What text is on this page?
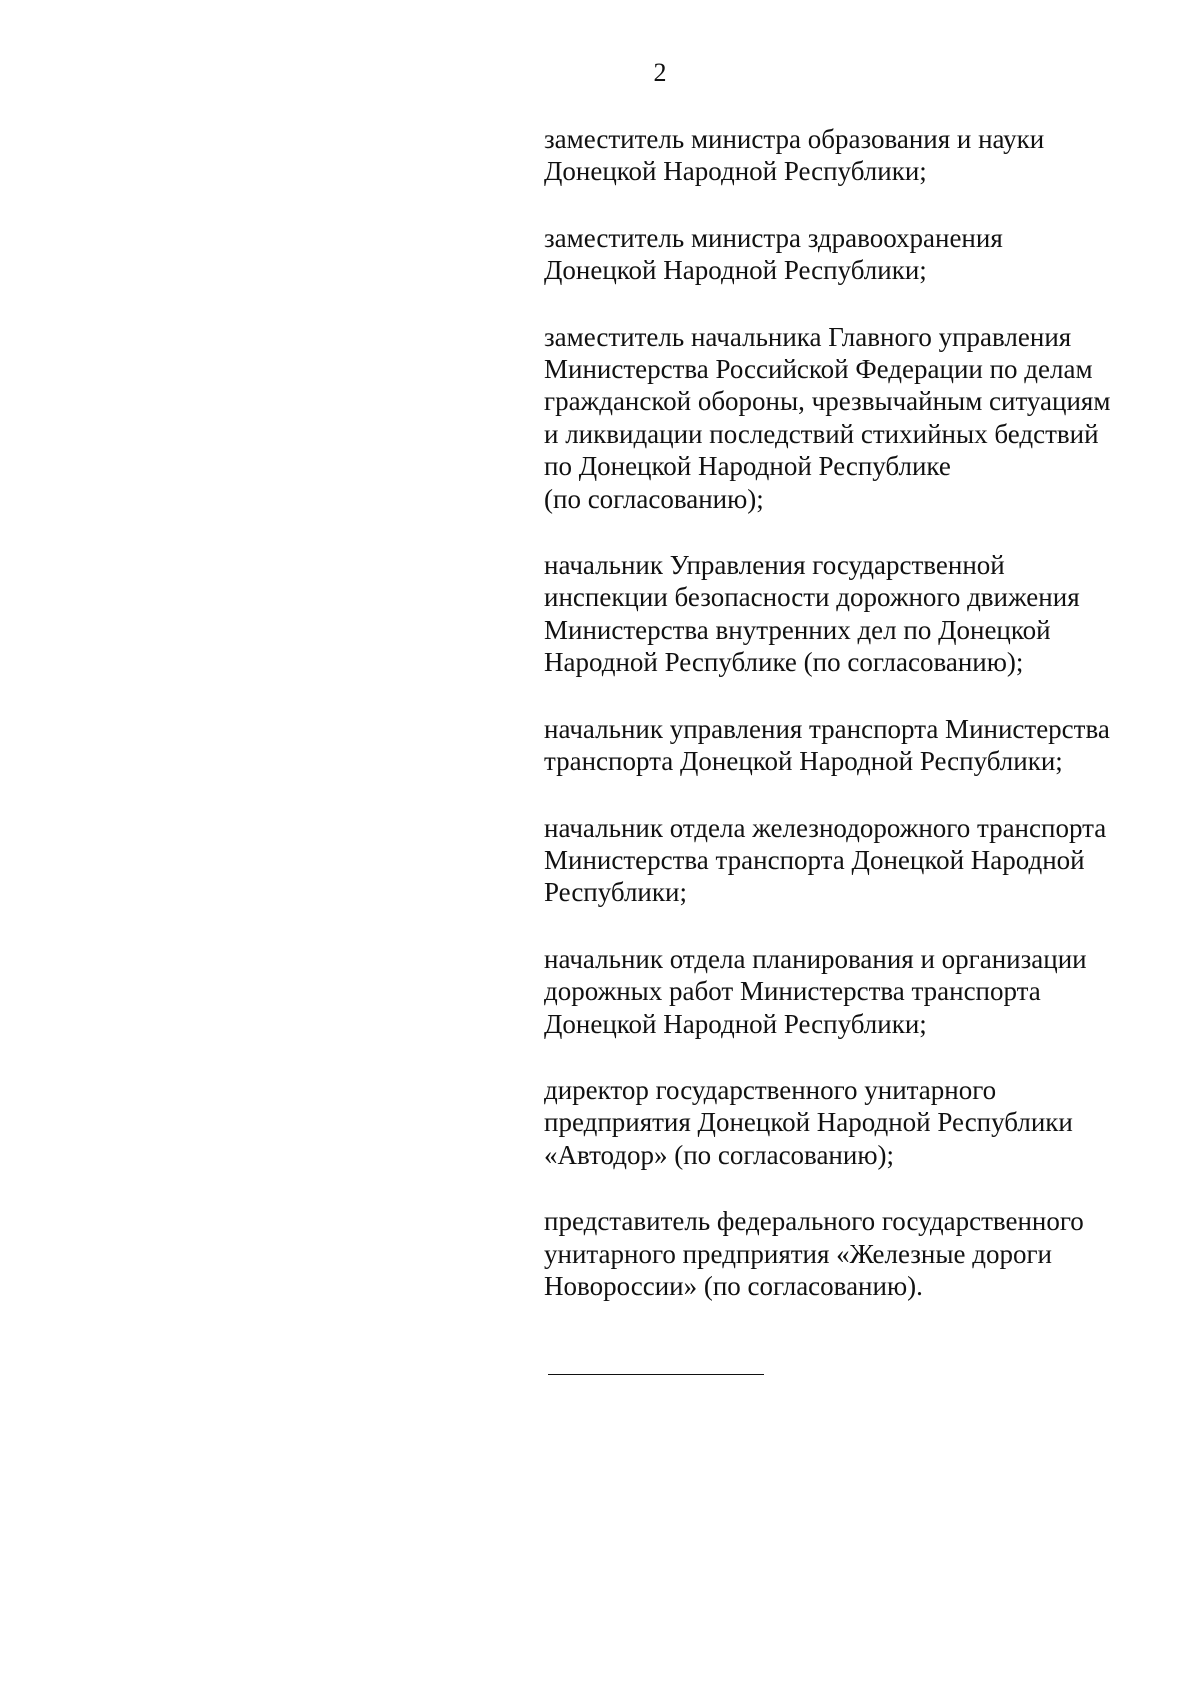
2
заместитель министра образования и науки
Донецкой Народной Республики;
заместитель министра здравоохранения
Донецкой Народной Республики;
заместитель начальника Главного управления
Министерства Российской Федерации по делам
гражданской обороны, чрезвычайным ситуациям
и ликвидации последствий стихийных бедствий
по Донецкой Народной Республике
(по согласованию);
начальник Управления государственной
инспекции безопасности дорожного движения
Министерства внутренних дел по Донецкой
Народной Республике (по согласованию);
начальник управления транспорта Министерства
транспорта Донецкой Народной Республики;
начальник отдела железнодорожного транспорта
Министерства транспорта Донецкой Народной
Республики;
начальник отдела планирования и организации
дорожных работ Министерства транспорта
Донецкой Народной Республики;
директор государственного унитарного
предприятия Донецкой Народной Республики
«Автодор» (по согласованию);
представитель федерального государственного
унитарного предприятия «Железные дороги
Новороссии» (по согласованию).
